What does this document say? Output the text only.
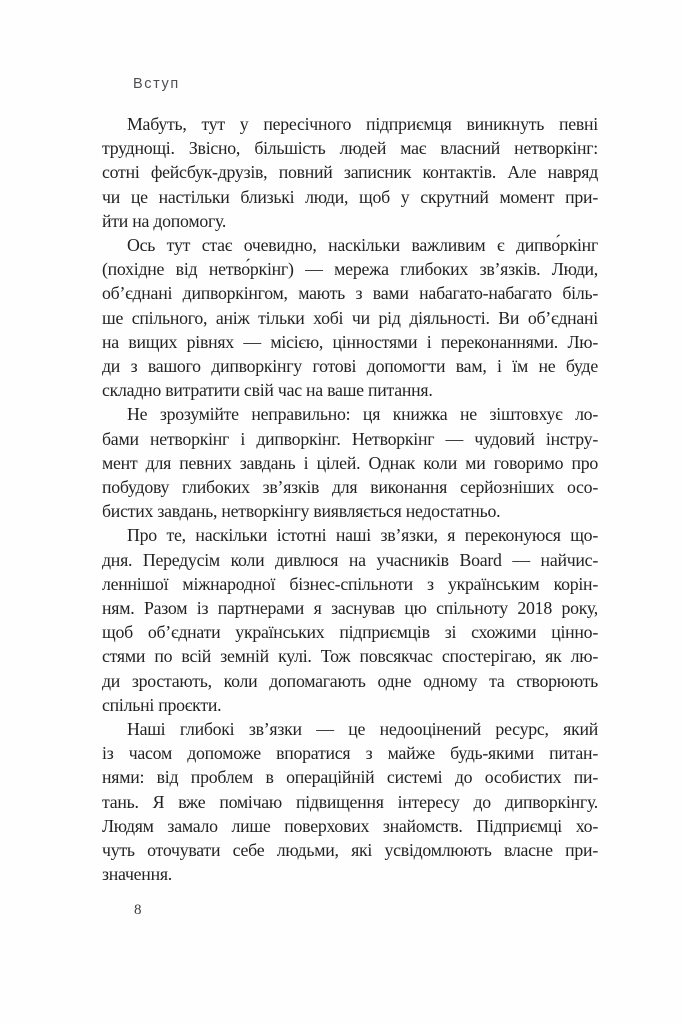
Вступ
Мабуть, тут у пересічного підприємця виникнуть певні
труднощі. Звісно, більшість людей має власний нетворкінг:
сотні фейсбук-друзів, повний записник контактів. Але навряд
чи це настільки близькі люди, щоб у скрутний момент при-
йти на допомогу.
Ось тут стає очевидно, наскільки важливим є дипво́ркінг
(похідне від нетво́ркінг) — мережа глибоких зв’язків. Люди,
об’єднані дипворкінгом, мають з вами набагато-набагато біль-
ше спільного, аніж тільки хобі чи рід діяльності. Ви об’єднані
на вищих рівнях — місією, цінностями і переконаннями. Лю-
ди з вашого дипворкінгу готові допомогти вам, і їм не буде
складно витратити свій час на ваше питання.
Не зрозумійте неправильно: ця книжка не зіштовхує ло-
бами нетворкінг і дипворкінг. Нетворкінг — чудовий інстру-
мент для певних завдань і цілей. Однак коли ми говоримо про
побудову глибоких зв’язків для виконання серйозніших осо-
бистих завдань, нетворкінгу виявляється недостатньо.
Про те, наскільки істотні наші зв’язки, я переконуюся що-
дня. Передусім коли дивлюся на учасників Board — найчис-
леннішої міжнародної бізнес-спільноти з українським корін-
ням. Разом із партнерами я заснував цю спільноту 2018 року,
щоб об’єднати українських підприємців зі схожими цінно-
стями по всій земній кулі. Тож повсякчас спостерігаю, як лю-
ди зростають, коли допомагають одне одному та створюють
спільні проєкти.
Наші глибокі зв’язки — це недооцінений ресурс, який
із часом допоможе впоратися з майже будь-якими питан-
нями: від проблем в операційній системі до особистих пи-
тань. Я вже помічаю підвищення інтересу до дипворкінгу.
Людям замало лише поверхових знайомств. Підприємці хо-
чуть оточувати себе людьми, які усвідомлюють власне при-
значення.
8
